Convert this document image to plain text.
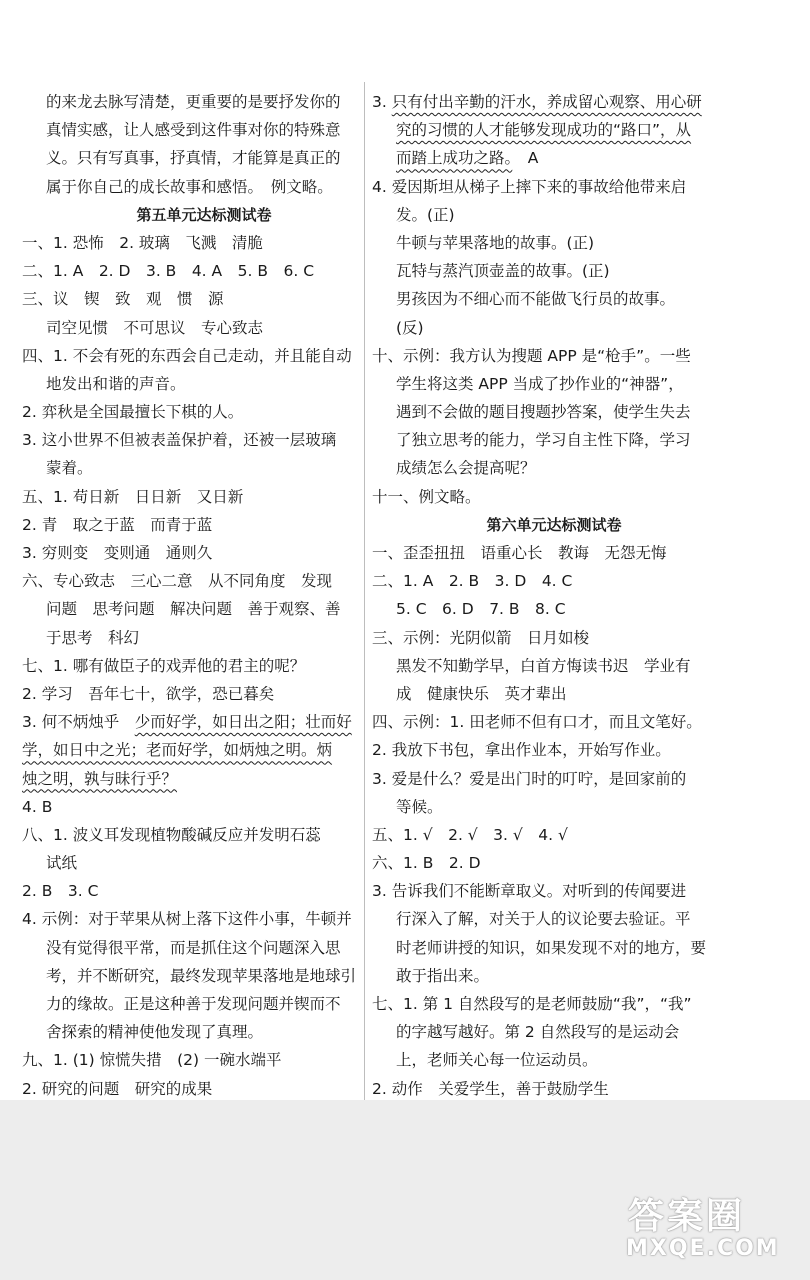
的来龙去脉写清楚，更重要的是要抒发你的
真情实感，让人感受到这件事对你的特殊意
义。只有写真事，抒真情，才能算是真正的
属于你自己的成长故事和感悟。　例文略。
第五单元达标测试卷
一、1. 恐怖　2. 玻璃　飞溅　清脆
二、1. A　2. D　3. B　4. A　5. B　6. C
三、议　锲　致　观　惯　源
司空见惯　不可思议　专心致志
四、1. 不会有死的东西会自己走动，并且能自动
地发出和谐的声音。
2. 弈秋是全国最擅长下棋的人。
3. 这小世界不但被表盖保护着，还被一层玻璃
蒙着。
五、1. 苟日新　日日新　又日新
2. 青　取之于蓝　而青于蓝
3. 穷则变　变则通　通则久
六、专心致志　三心二意　从不同角度　发现
问题　思考问题　解决问题　善于观察、善
于思考　科幻
七、1. 哪有做臣子的戏弄他的君主的呢？
2. 学习　吾年七十，欲学，恐已暮矣
3. 何不炳烛乎　少而好学，如日出之阳；壮而好
学，如日中之光；老而好学，如炳烛之明。炳
烛之明，孰与昧行乎？
4. B
八、1. 波义耳发现植物酸碱反应并发明石蕊
试纸
2. B　3. C
4. 示例：对于苹果从树上落下这件小事，牛顿并
没有觉得很平常，而是抓住这个问题深入思
考，并不断研究，最终发现苹果落地是地球引
力的缘故。正是这种善于发现问题并锲而不
舍探索的精神使他发现了真理。
九、1. (1) 惊慌失措　(2) 一碗水端平
2. 研究的问题　研究的成果
3. 只有付出辛勤的汗水，养成留心观察、用心研
究的习惯的人才能够发现成功的“路口”，从
而踏上成功之路。　A
4. 爱因斯坦从梯子上摔下来的事故给他带来启
发。(正)
牛顿与苹果落地的故事。(正)
瓦特与蒸汽顶壶盖的故事。(正)
男孩因为不细心而不能做飞行员的故事。
(反)
十、示例：我方认为搜题 APP 是“枪手”。一些
学生将这类 APP 当成了抄作业的“神器”，
遇到不会做的题目搜题抄答案，使学生失去
了独立思考的能力，学习自主性下降，学习
成绩怎么会提高呢？
十一、例文略。
第六单元达标测试卷
一、歪歪扭扭　语重心长　教诲　无怨无悔
二、1. A　2. B　3. D　4. C
5. C　6. D　7. B　8. C
三、示例：光阴似箭　日月如梭
黑发不知勤学早，白首方悔读书迟　学业有
成　健康快乐　英才辈出
四、示例：1. 田老师不但有口才，而且文笔好。
2. 我放下书包，拿出作业本，开始写作业。
3. 爱是什么？爱是出门时的叮咛，是回家前的
等候。
五、1. √　2. √　3. √　4. √
六、1. B　2. D
3. 告诉我们不能断章取义。对听到的传闻要进
行深入了解，对关于人的议论要去验证。平
时老师讲授的知识，如果发现不对的地方，要
敢于指出来。
七、1. 第 1 自然段写的是老师鼓励“我”，“我”
的字越写越好。第 2 自然段写的是运动会
上，老师关心每一位运动员。
2. 动作　关爱学生，善于鼓励学生
答案圈
MXQE.COM
